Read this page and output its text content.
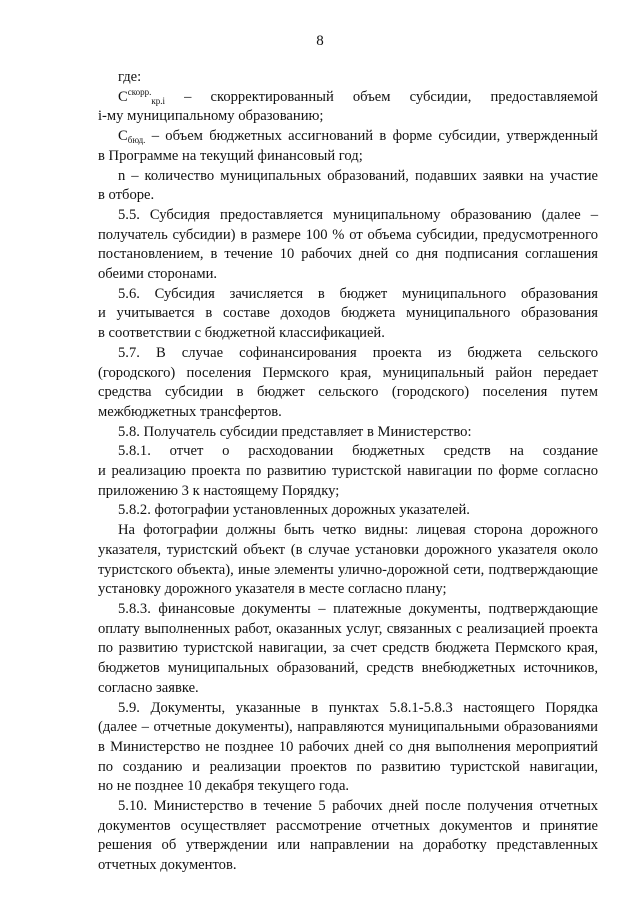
8
где:
$С^{скорр.}_{кр.i}$ – скорректированный объем субсидии, предоставляемой
i-му муниципальному образованию;
$С_{бюд.}$ – объем бюджетных ассигнований в форме субсидии, утвержденный
в Программе на текущий финансовый год;
n – количество муниципальных образований, подавших заявки на участие
в отборе.
5.5. Субсидия предоставляется муниципальному образованию (далее –
получатель субсидии) в размере 100 % от объема субсидии, предусмотренного
постановлением, в течение 10 рабочих дней со дня подписания соглашения
обеими сторонами.
5.6. Субсидия зачисляется в бюджет муниципального образования
и учитывается в составе доходов бюджета муниципального образования
в соответствии с бюджетной классификацией.
5.7. В случае софинансирования проекта из бюджета сельского
(городского) поселения Пермского края, муниципальный район передает
средства субсидии в бюджет сельского (городского) поселения путем
межбюджетных трансфертов.
5.8. Получатель субсидии представляет в Министерство:
5.8.1. отчет о расходовании бюджетных средств на создание
и реализацию проекта по развитию туристской навигации по форме согласно
приложению 3 к настоящему Порядку;
5.8.2. фотографии установленных дорожных указателей.
На фотографии должны быть четко видны: лицевая сторона дорожного
указателя, туристский объект (в случае установки дорожного указателя около
туристского объекта), иные элементы улично-дорожной сети, подтверждающие
установку дорожного указателя в месте согласно плану;
5.8.3. финансовые документы – платежные документы, подтверждающие
оплату выполненных работ, оказанных услуг, связанных с реализацией проекта
по развитию туристской навигации, за счет средств бюджета Пермского края,
бюджетов муниципальных образований, средств внебюджетных источников,
согласно заявке.
5.9. Документы, указанные в пунктах 5.8.1-5.8.3 настоящего Порядка
(далее – отчетные документы), направляются муниципальными образованиями
в Министерство не позднее 10 рабочих дней со дня выполнения мероприятий
по созданию и реализации проектов по развитию туристской навигации,
но не позднее 10 декабря текущего года.
5.10. Министерство в течение 5 рабочих дней после получения отчетных
документов осуществляет рассмотрение отчетных документов и принятие
решения об утверждении или направлении на доработку представленных
отчетных документов.
